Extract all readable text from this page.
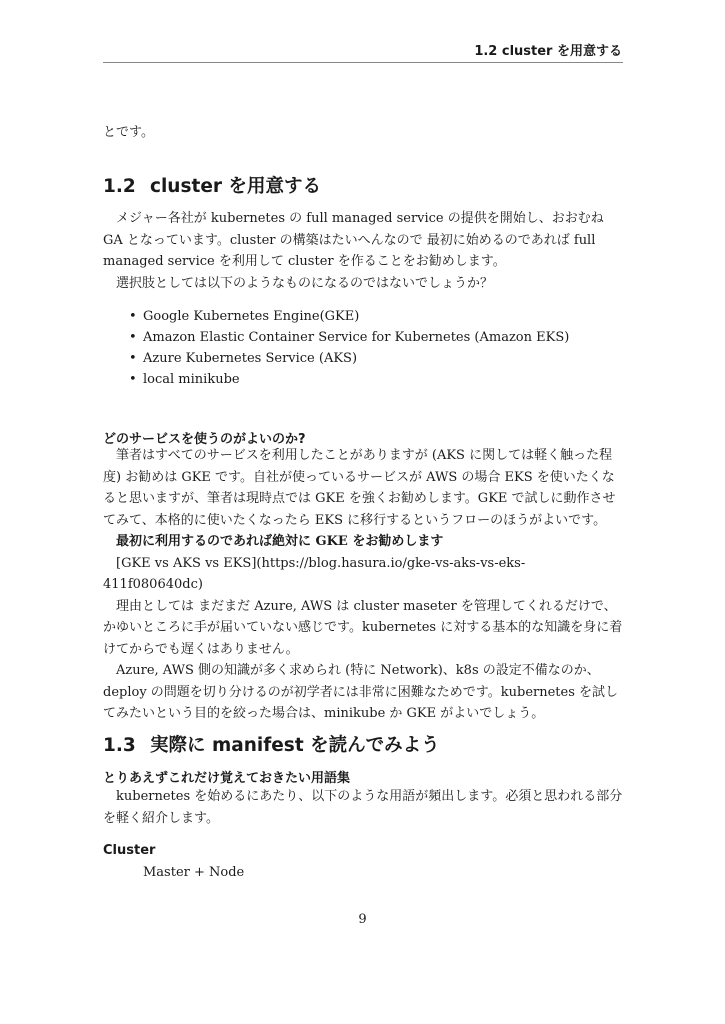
1.2 cluster を用意する

とです。

1.2 cluster を用意する

メジャー各社が kubernetes の full managed service の提供を開始し、おおむね GA となっています。cluster の構築はたいへんなので 最初に始めるのであれば full managed service を利用して cluster を作ることをお勧めします。

選択肢としては以下のようなものになるのではないでしょうか？

• Google Kubernetes Engine(GKE)
• Amazon Elastic Container Service for Kubernetes (Amazon EKS)
• Azure Kubernetes Service (AKS)
• local minikube
どのサービスを使うのがよいのか?

筆者はすべてのサービスを利用したことがありますが (AKS に関しては軽く触った程度) お勧めは GKE です。自社が使っているサービスが AWS の場合 EKS を使いたくなると思いますが、筆者は現時点では GKE を強くお勧めします。GKE で試しに動作させてみて、本格的に使いたくなったら EKS に移行するというフローのほうがよいです。

最初に利用するのであれば絶対に GKE をお勧めします

[GKE vs AKS vs EKS](https://blog.hasura.io/gke-vs-aks-vs-eks-411f080640dc)

理由としては まだまだ Azure, AWS は cluster maseter を管理してくれるだけで、かゆいところに手が届いていない感じです。kubernetes に対する基本的な知識を身に着けてからでも遅くはありません。

Azure, AWS 側の知識が多く求められ (特に Network)、k8s の設定不備なのか、deploy の問題を切り分けるのが初学者には非常に困難なためです。kubernetes を試してみたいという目的を絞った場合は、minikube か GKE がよいでしょう。

1.3 実際に manifest を読んでみよう
とりあえずこれだけ覚えておきたい用語集

kubernetes を始めるにあたり、以下のような用語が頻出します。必須と思われる部分を軽く紹介します。

Cluster
Master + Node
9
